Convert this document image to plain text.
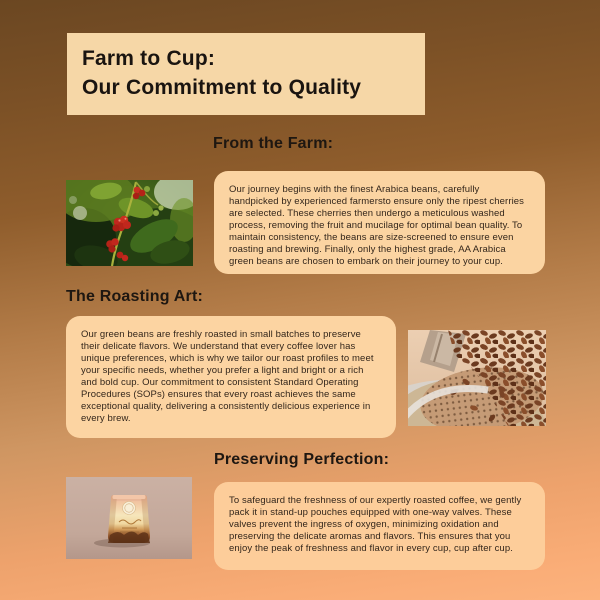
Farm to Cup:
Our Commitment to Quality
From the Farm:
Our journey begins with the finest Arabica beans, carefully handpicked by experienced farmersto ensure only the ripest cherries are selected. These cherries then undergo a meticulous washed process, removing the fruit and mucilage for optimal bean quality. To maintain consistency, the beans are size-screened to ensure even roasting and brewing. Finally, only the highest grade, AA Arabica green beans are chosen to embark on their journey to your cup.
The Roasting Art:
Our green beans are freshly roasted in small batches to preserve their delicate flavors. We understand that every coffee lover has unique preferences, which is why we tailor our roast profiles to meet your specific needs, whether you prefer a light and bright or a rich and bold cup. Our commitment to consistent Standard Operating Procedures (SOPs) ensures that every roast achieves the same exceptional quality, delivering a consistently delicious experience in every brew.
Preserving Perfection:
To safeguard the freshness of our expertly roasted coffee, we gently pack it in stand-up pouches equipped with one-way valves. These valves prevent the ingress of oxygen, minimizing oxidation and preserving the delicate aromas and flavors. This ensures that you enjoy the peak of freshness and flavor in every cup, cup after cup.
